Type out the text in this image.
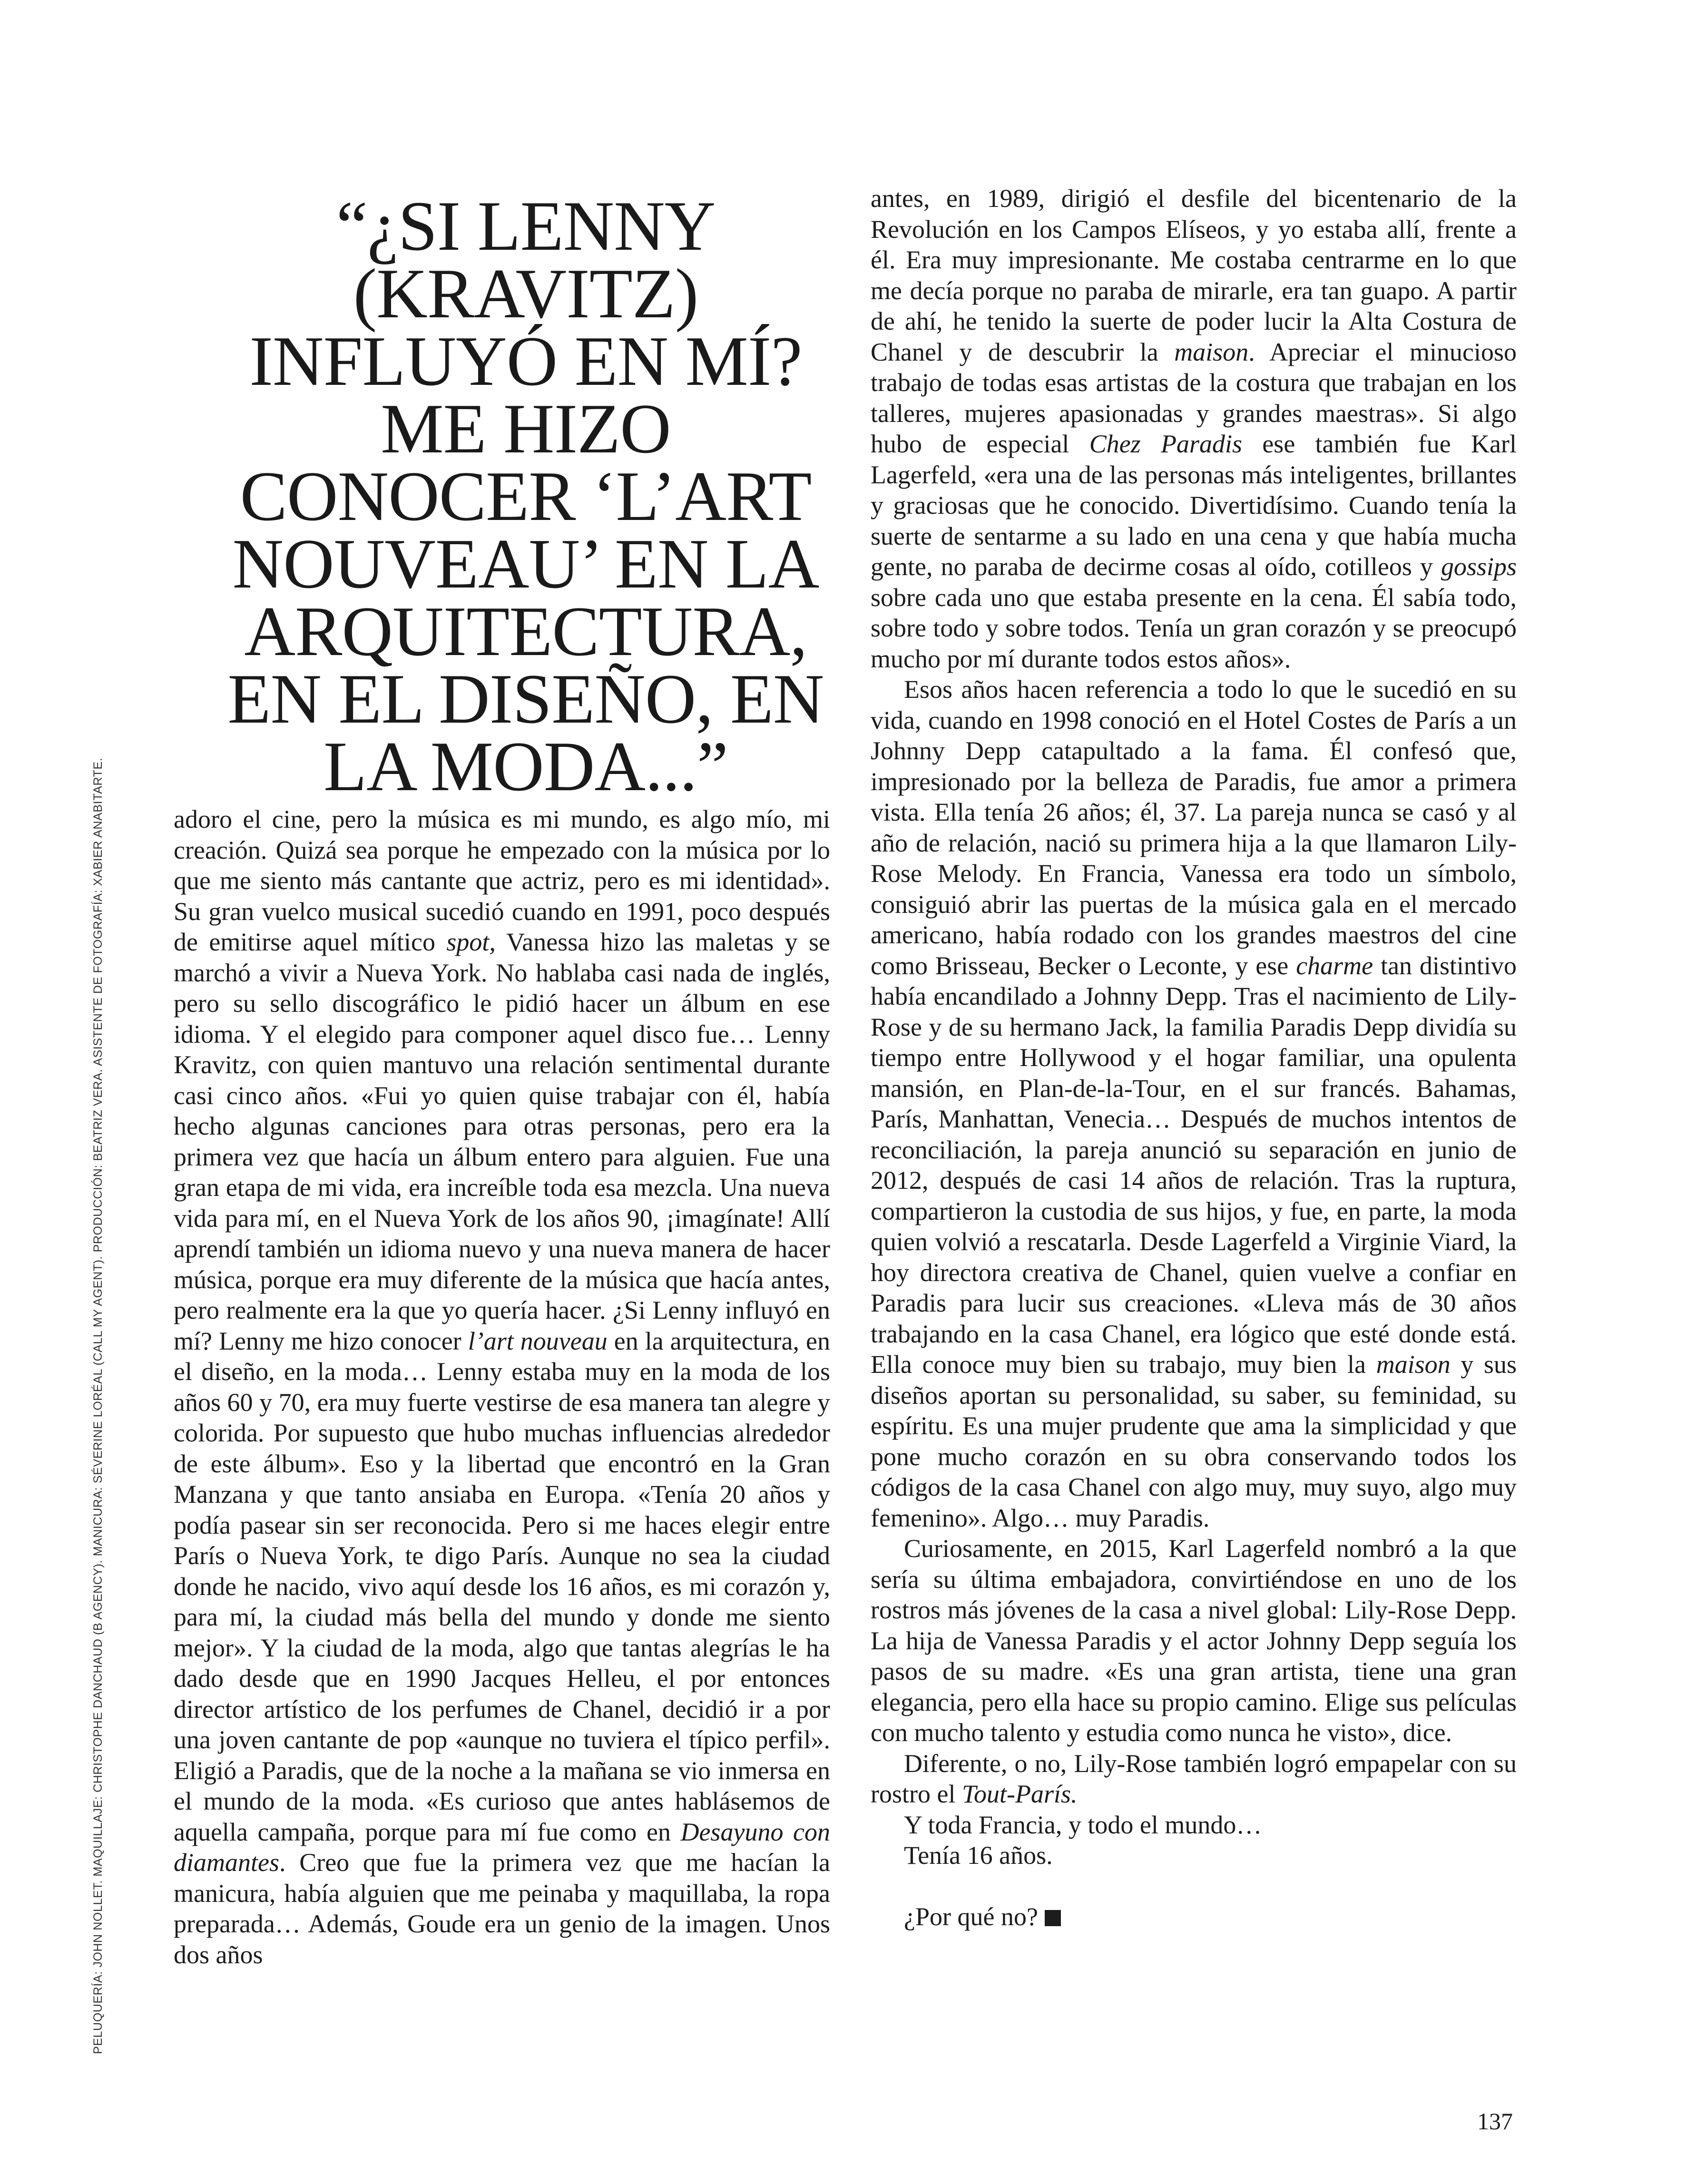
PELUQUERÍA: JOHN NOLLET. MAQUILLAJE: CHRISTOPHE DANCHAUD (B AGENCY). MANICURA: SÉVERINE LORÉAL (CALL MY AGENT). PRODUCCIÓN: BEATRIZ VERA. ASISTENTE DE FOTOGRAFÍA: XABIER ANABITARTE.
“¿SI LENNY (KRAVITZ) INFLUYÓ EN MÍ? ME HIZO CONOCER ‘L’ART NOUVEAU’ EN LA ARQUITECTURA, EN EL DISEÑO, EN LA MODA...”

adoro el cine, pero la música es mi mundo, es algo mío, mi creación. Quizá sea porque he empezado con la música por lo que me siento más cantante que actriz, pero es mi identidad». Su gran vuelco musical sucedió cuando en 1991, poco después de emitirse aquel mítico spot, Vanessa hizo las maletas y se marchó a vivir a Nueva York. No hablaba casi nada de inglés, pero su sello discográfico le pidió hacer un álbum en ese idioma. Y el elegido para componer aquel disco fue… Lenny Kravitz, con quien mantuvo una relación sentimental durante casi cinco años. «Fui yo quien quise trabajar con él, había hecho algunas canciones para otras personas, pero era la primera vez que hacía un álbum entero para alguien. Fue una gran etapa de mi vida, era increíble toda esa mezcla. Una nueva vida para mí, en el Nueva York de los años 90, ¡imagínate! Allí aprendí también un idioma nuevo y una nueva manera de hacer música, porque era muy diferente de la música que hacía antes, pero realmente era la que yo quería hacer. ¿Si Lenny influyó en mí? Lenny me hizo conocer l’art nouveau en la arquitectura, en el diseño, en la moda… Lenny estaba muy en la moda de los años 60 y 70, era muy fuerte vestirse de esa manera tan alegre y colorida. Por supuesto que hubo muchas influencias alrededor de este álbum». Eso y la libertad que encontró en la Gran Manzana y que tanto ansiaba en Europa. «Tenía 20 años y podía pasear sin ser reconocida. Pero si me haces elegir entre París o Nueva York, te digo París. Aunque no sea la ciudad donde he nacido, vivo aquí desde los 16 años, es mi corazón y, para mí, la ciudad más bella del mundo y donde me siento mejor». Y la ciudad de la moda, algo que tantas alegrías le ha dado desde que en 1990 Jacques Helleu, el por entonces director artístico de los perfumes de Chanel, decidió ir a por una joven cantante de pop «aunque no tuviera el típico perfil». Eligió a Paradis, que de la noche a la mañana se vio inmersa en el mundo de la moda. «Es curioso que antes hablásemos de aquella campaña, porque para mí fue como en Desayuno con diamantes. Creo que fue la primera vez que me hacían la manicura, había alguien que me peinaba y maquillaba, la ropa preparada… Además, Goude era un genio de la imagen. Unos dos años

antes, en 1989, dirigió el desfile del bicentenario de la Revolución en los Campos Elíseos, y yo estaba allí, frente a él. Era muy impresionante. Me costaba centrarme en lo que me decía porque no paraba de mirarle, era tan guapo. A partir de ahí, he tenido la suerte de poder lucir la Alta Costura de Chanel y de descubrir la maison. Apreciar el minucioso trabajo de todas esas artistas de la costura que trabajan en los talleres, mujeres apasionadas y grandes maestras». Si algo hubo de especial Chez Paradis ese también fue Karl Lagerfeld, «era una de las personas más inteligentes, brillantes y graciosas que he conocido. Divertidísimo. Cuando tenía la suerte de sentarme a su lado en una cena y que había mucha gente, no paraba de decirme cosas al oído, cotilleos y gossips sobre cada uno que estaba presente en la cena. Él sabía todo, sobre todo y sobre todos. Tenía un gran corazón y se preocupó mucho por mí durante todos estos años».

Esos años hacen referencia a todo lo que le sucedió en su vida, cuando en 1998 conoció en el Hotel Costes de París a un Johnny Depp catapultado a la fama. Él confesó que, impresionado por la belleza de Paradis, fue amor a primera vista. Ella tenía 26 años; él, 37. La pareja nunca se casó y al año de relación, nació su primera hija a la que llamaron Lily-Rose Melody. En Francia, Vanessa era todo un símbolo, consiguió abrir las puertas de la música gala en el mercado americano, había rodado con los grandes maestros del cine como Brisseau, Becker o Leconte, y ese charme tan distintivo había encandilado a Johnny Depp. Tras el nacimiento de Lily-Rose y de su hermano Jack, la familia Paradis Depp dividía su tiempo entre Hollywood y el hogar familiar, una opulenta mansión, en Plan-de-la-Tour, en el sur francés. Bahamas, París, Manhattan, Venecia… Después de muchos intentos de reconciliación, la pareja anunció su separación en junio de 2012, después de casi 14 años de relación. Tras la ruptura, compartieron la custodia de sus hijos, y fue, en parte, la moda quien volvió a rescatarla. Desde Lagerfeld a Virginie Viard, la hoy directora creativa de Chanel, quien vuelve a confiar en Paradis para lucir sus creaciones. «Lleva más de 30 años trabajando en la casa Chanel, era lógico que esté donde está. Ella conoce muy bien su trabajo, muy bien la maison y sus diseños aportan su personalidad, su saber, su feminidad, su espíritu. Es una mujer prudente que ama la simplicidad y que pone mucho corazón en su obra conservando todos los códigos de la casa Chanel con algo muy, muy suyo, algo muy femenino». Algo… muy Paradis.

Curiosamente, en 2015, Karl Lagerfeld nombró a la que sería su última embajadora, convirtiéndose en uno de los rostros más jóvenes de la casa a nivel global: Lily-Rose Depp. La hija de Vanessa Paradis y el actor Johnny Depp seguía los pasos de su madre. «Es una gran artista, tiene una gran elegancia, pero ella hace su propio camino. Elige sus películas con mucho talento y estudia como nunca he visto», dice.

Diferente, o no, Lily-Rose también logró empapelar con su rostro el Tout-París.

Y toda Francia, y todo el mundo…

Tenía 16 años.

¿Por qué no?

137
